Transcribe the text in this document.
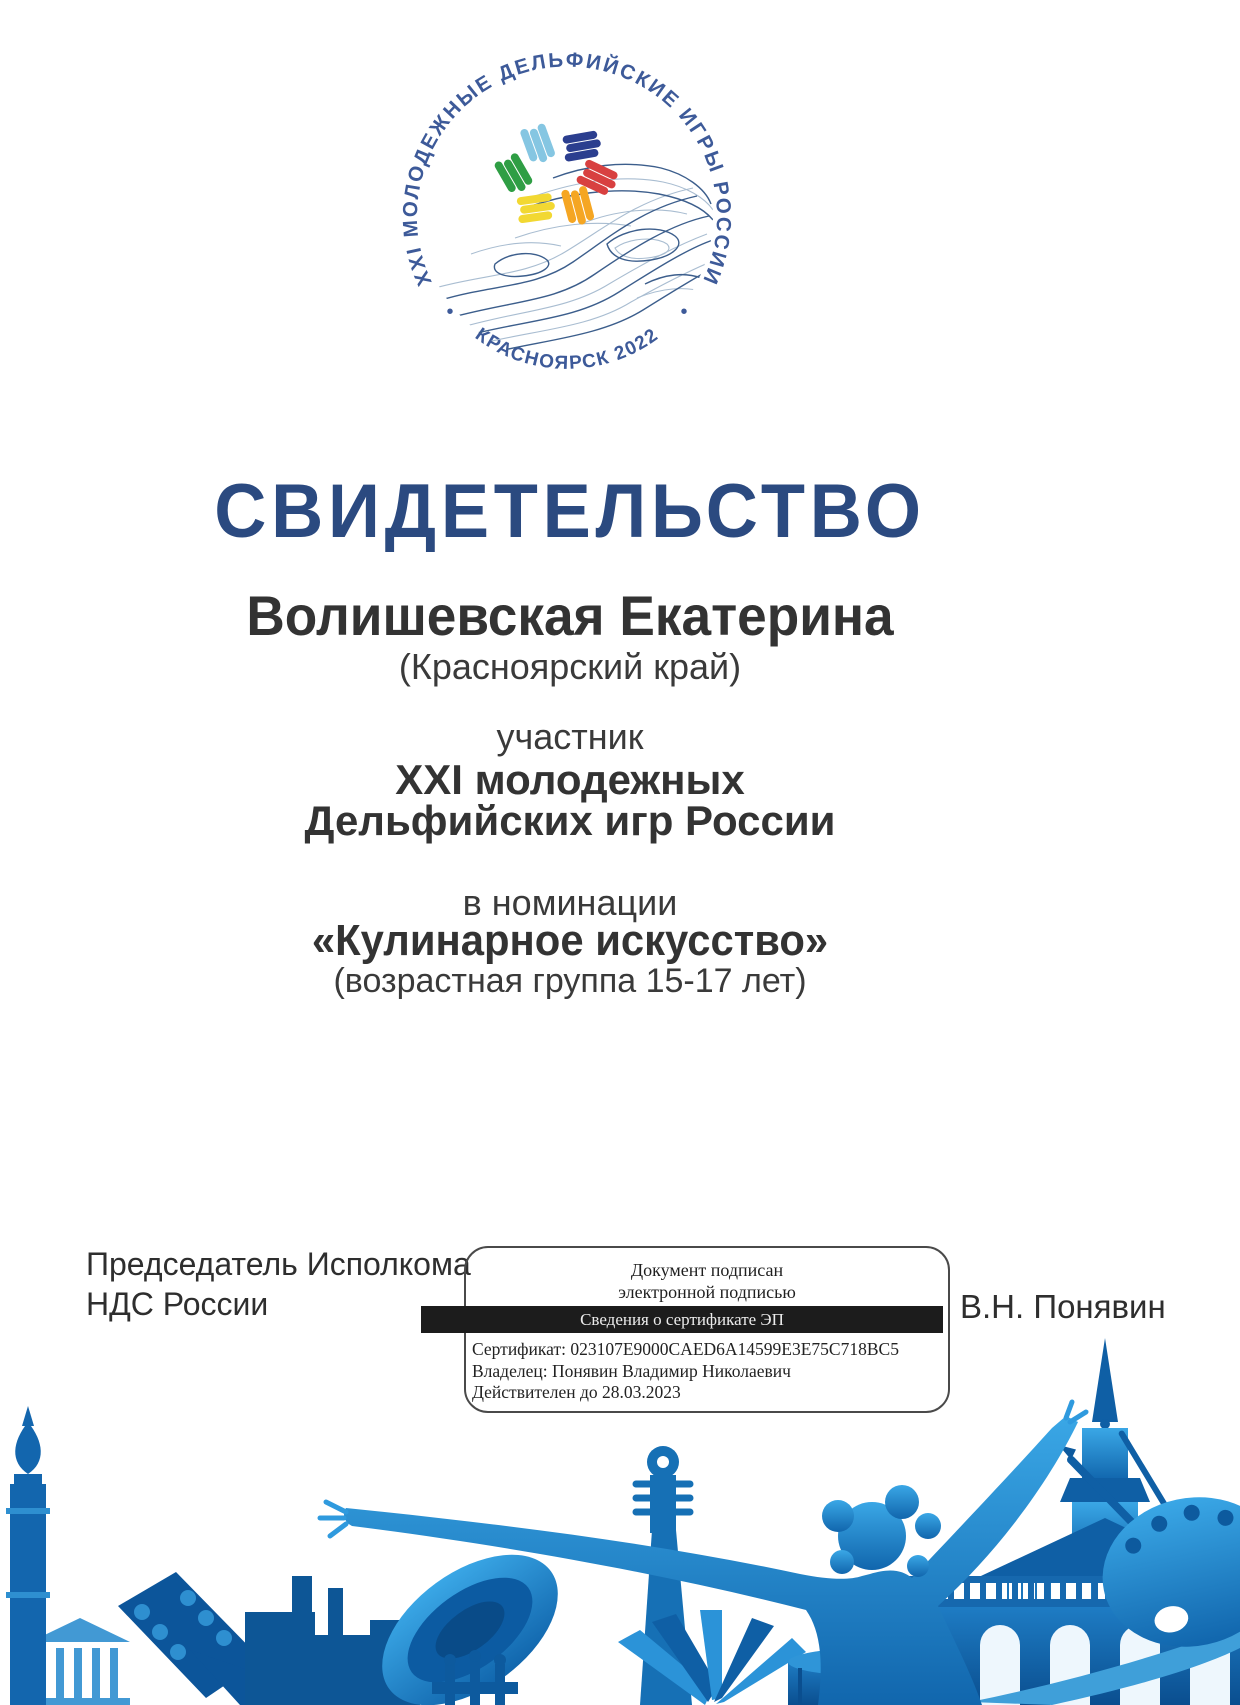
XXI МОЛОДЕЖНЫЕ ДЕЛЬФИЙСКИЕ ИГРЫ РОССИИ
КРАСНОЯРСК 2022
•	•
СВИДЕТЕЛЬСТВО
Волишевская Екатерина
(Красноярский край)
участник
XXI молодежных
Дельфийских игр России
в номинации
«Кулинарное искусство»
(возрастная группа 15-17 лет)
Председатель Исполкома
НДС России
Документ подписан
электронной подписью
Сведения о сертификате ЭП
Сертификат: 023107E9000CAED6A14599E3E75C718BC5
Владелец: Понявин Владимир Николаевич
Действителен до 28.03.2023
В.Н. Понявин
